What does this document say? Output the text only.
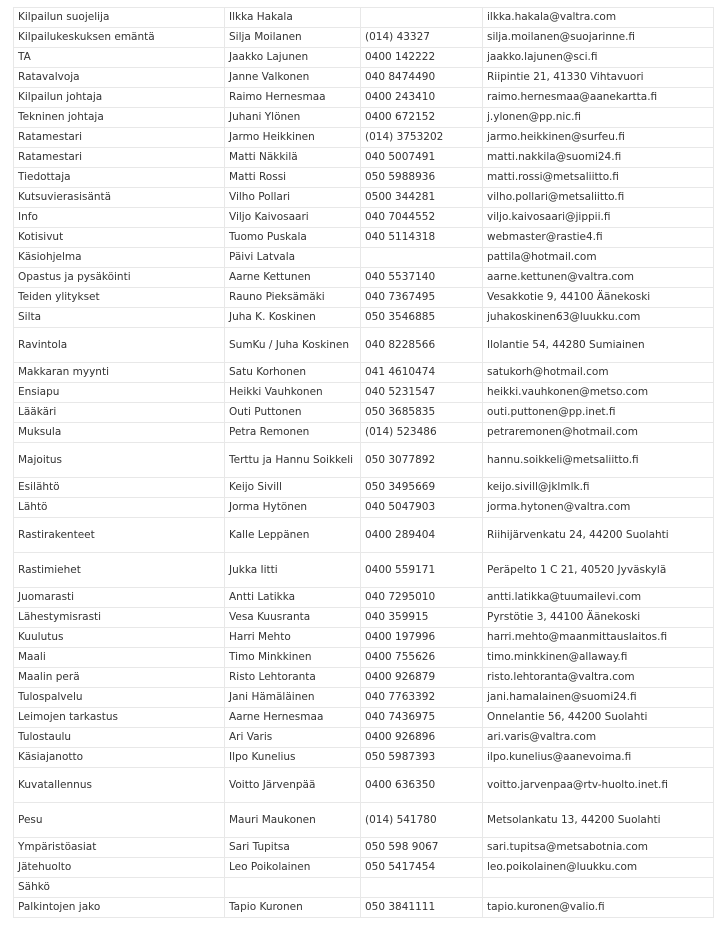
Kilpailun suojelija	Ilkka Hakala		ilkka.hakala@valtra.com
Kilpailukeskuksen emäntä	Silja Moilanen	(014) 43327	silja.moilanen@suojarinne.fi
TA	Jaakko Lajunen	0400 142222	jaakko.lajunen@sci.fi
Ratavalvoja	Janne Valkonen	040 8474490	Riipintie 21, 41330 Vihtavuori
Kilpailun johtaja	Raimo Hernesmaa	0400 243410	raimo.hernesmaa@aanekartta.fi
Tekninen johtaja	Juhani Ylönen	0400 672152	j.ylonen@pp.nic.fi
Ratamestari	Jarmo Heikkinen	(014) 3753202	jarmo.heikkinen@surfeu.fi
Ratamestari	Matti Näkkilä	040 5007491	matti.nakkila@suomi24.fi
Tiedottaja	Matti Rossi	050 5988936	matti.rossi@metsaliitto.fi
Kutsuvierasisäntä	Vilho Pollari	0500 344281	vilho.pollari@metsaliitto.fi
Info	Viljo Kaivosaari	040 7044552	viljo.kaivosaari@jippii.fi
Kotisivut	Tuomo Puskala	040 5114318	webmaster@rastie4.fi
Käsiohjelma	Päivi Latvala		pattila@hotmail.com
Opastus ja pysäköinti	Aarne Kettunen	040 5537140	aarne.kettunen@valtra.com
Teiden ylitykset	Rauno Pieksämäki	040 7367495	Vesakkotie 9, 44100 Äänekoski
Silta	Juha K. Koskinen	050 3546885	juhakoskinen63@luukku.com
Ravintola	SumKu / Juha Koskinen	040 8228566	Ilolantie 54, 44280 Sumiainen
Makkaran myynti	Satu Korhonen	041 4610474	satukorh@hotmail.com
Ensiapu	Heikki Vauhkonen	040 5231547	heikki.vauhkonen@metso.com
Lääkäri	Outi Puttonen	050 3685835	outi.puttonen@pp.inet.fi
Muksula	Petra Remonen	(014) 523486	petraremonen@hotmail.com
Majoitus	Terttu ja Hannu Soikkeli	050 3077892	hannu.soikkeli@metsaliitto.fi
Esilähtö	Keijo Sivill	050 3495669	keijo.sivill@jklmlk.fi
Lähtö	Jorma Hytönen	040 5047903	jorma.hytonen@valtra.com
Rastirakenteet	Kalle Leppänen	0400 289404	Riihijärvenkatu 24, 44200 Suolahti
Rastimiehet	Jukka Iitti	0400 559171	Peräpelto 1 C 21, 40520 Jyväskylä
Juomarasti	Antti Latikka	040 7295010	antti.latikka@tuumailevi.com
Lähestymisrasti	Vesa Kuusranta	040 359915	Pyrstötie 3, 44100 Äänekoski
Kuulutus	Harri Mehto	0400 197996	harri.mehto@maanmittauslaitos.fi
Maali	Timo Minkkinen	0400 755626	timo.minkkinen@allaway.fi
Maalin perä	Risto Lehtoranta	0400 926879	risto.lehtoranta@valtra.com
Tulospalvelu	Jani Hämäläinen	040 7763392	jani.hamalainen@suomi24.fi
Leimojen tarkastus	Aarne Hernesmaa	040 7436975	Onnelantie 56, 44200 Suolahti
Tulostaulu	Ari Varis	0400 926896	ari.varis@valtra.com
Käsiajanotto	Ilpo Kunelius	050 5987393	ilpo.kunelius@aanevoima.fi
Kuvatallennus	Voitto Järvenpää	0400 636350	voitto.jarvenpaa@rtv-huolto.inet.fi
Pesu	Mauri Maukonen	(014) 541780	Metsolankatu 13, 44200 Suolahti
Ympäristöasiat	Sari Tupitsa	050 598 9067	sari.tupitsa@metsabotnia.com
Jätehuolto	Leo Poikolainen	050 5417454	leo.poikolainen@luukku.com
Sähkö			
Palkintojen jako	Tapio Kuronen	050 3841111	tapio.kuronen@valio.fi
